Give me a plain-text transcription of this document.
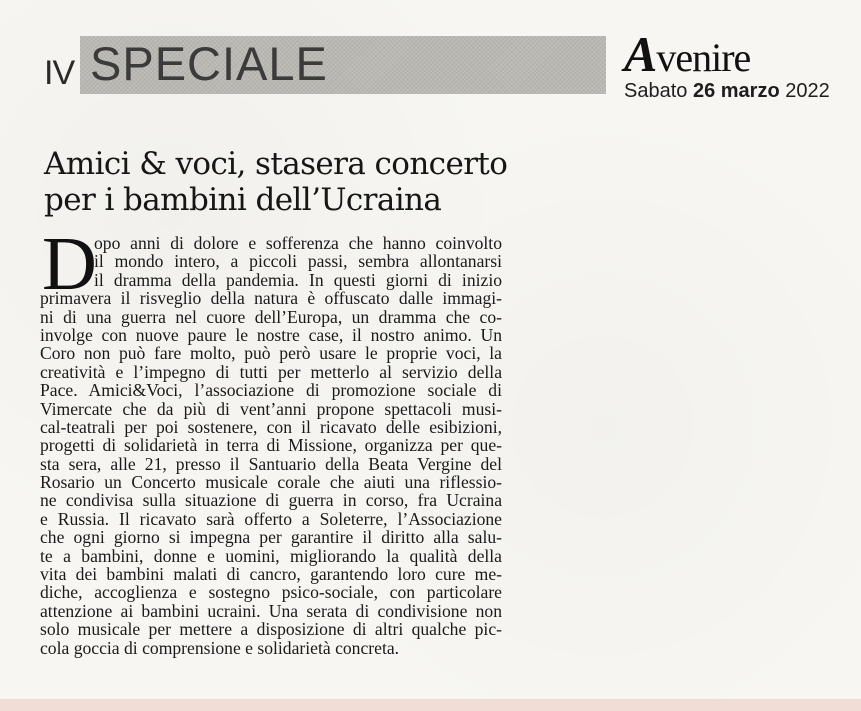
IV SPECIALE	Avenire
Sabato 26 marzo 2022
Amici & voci, stasera concerto
per i bambini dell’Ucraina
D
opo anni di dolore e sofferenza che hanno coinvolto
il mondo intero, a piccoli passi, sembra allontanarsi
il dramma della pandemia. In questi giorni di inizio
primavera il risveglio della natura è offuscato dalle immagi-
ni di una guerra nel cuore dell’Europa, un dramma che co-
involge con nuove paure le nostre case, il nostro animo. Un
Coro non può fare molto, può però usare le proprie voci, la
creatività e l’impegno di tutti per metterlo al servizio della
Pace. Amici&Voci, l’associazione di promozione sociale di
Vimercate che da più di vent’anni propone spettacoli musi-
cal-teatrali per poi sostenere, con il ricavato delle esibizioni,
progetti di solidarietà in terra di Missione, organizza per que-
sta sera, alle 21, presso il Santuario della Beata Vergine del
Rosario un Concerto musicale corale che aiuti una riflessio-
ne condivisa sulla situazione di guerra in corso, fra Ucraina
e Russia. Il ricavato sarà offerto a Soleterre, l’Associazione
che ogni giorno si impegna per garantire il diritto alla salu-
te a bambini, donne e uomini, migliorando la qualità della
vita dei bambini malati di cancro, garantendo loro cure me-
diche, accoglienza e sostegno psico-sociale, con particolare
attenzione ai bambini ucraini. Una serata di condivisione non
solo musicale per mettere a disposizione di altri qualche pic-
cola goccia di comprensione e solidarietà concreta.
